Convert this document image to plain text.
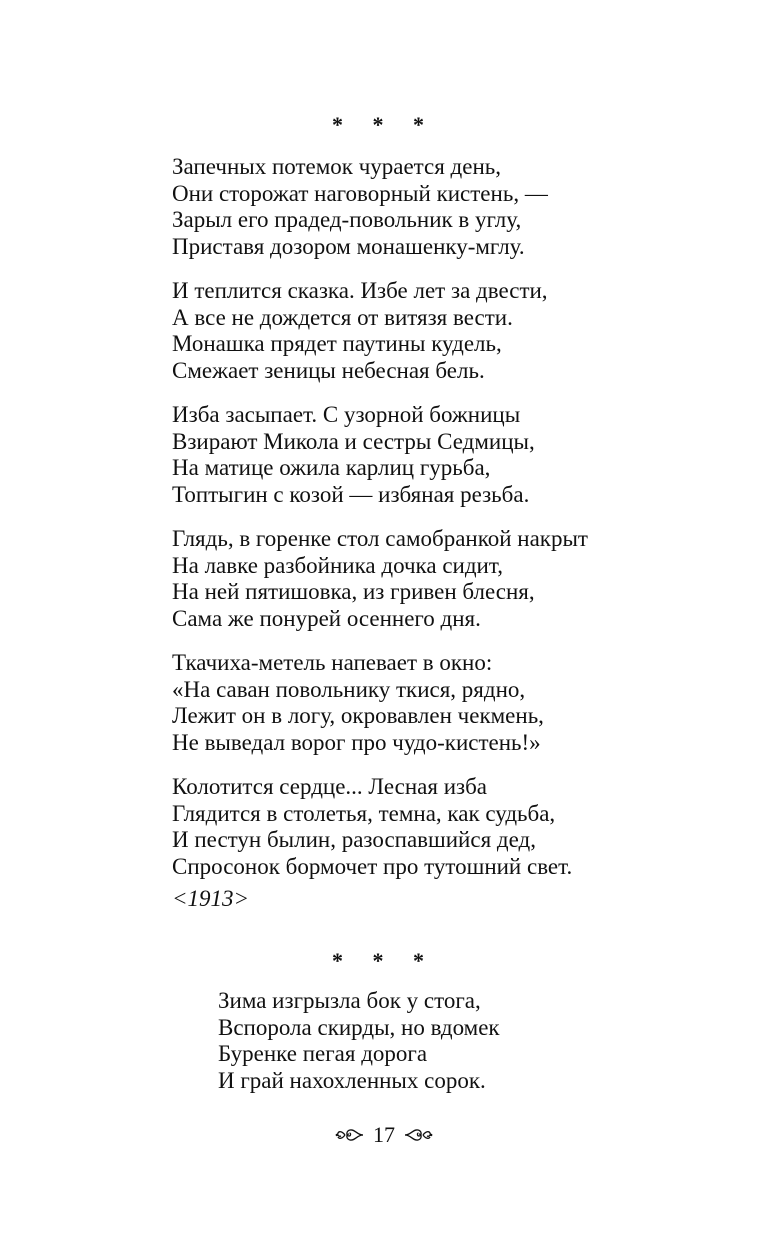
* * *
Запечных потемок чурается день,
Они сторожат наговорный кистень, —
Зарыл его прадед-повольник в углу,
Приставя дозором монашенку-мглу.
И теплится сказка. Избе лет за двести,
А все не дождется от витязя вести.
Монашка прядет паутины кудель,
Смежает зеницы небесная бель.
Изба засыпает. С узорной божницы
Взирают Микола и сестры Седмицы,
На матице ожила карлиц гурьба,
Топтыгин с козой — избяная резьба.
Глядь, в горенке стол самобранкой накрыт
На лавке разбойника дочка сидит,
На ней пятишовка, из гривен блесня,
Сама же понурей осеннего дня.
Ткачиха-метель напевает в окно:
«На саван повольнику ткися, рядно,
Лежит он в логу, окровавлен чекмень,
Не выведал ворог про чудо-кистень!»
Колотится сердце... Лесная изба
Глядится в столетья, темна, как судьба,
И пестун былин, разоспавшийся дед,
Спросонок бормочет про тутошний свет.
<1913>
* * *
Зима изгрызла бок у стога,
Вспорола скирды, но вдомек
Буренке пегая дорога
И грай нахохленных сорок.
17
